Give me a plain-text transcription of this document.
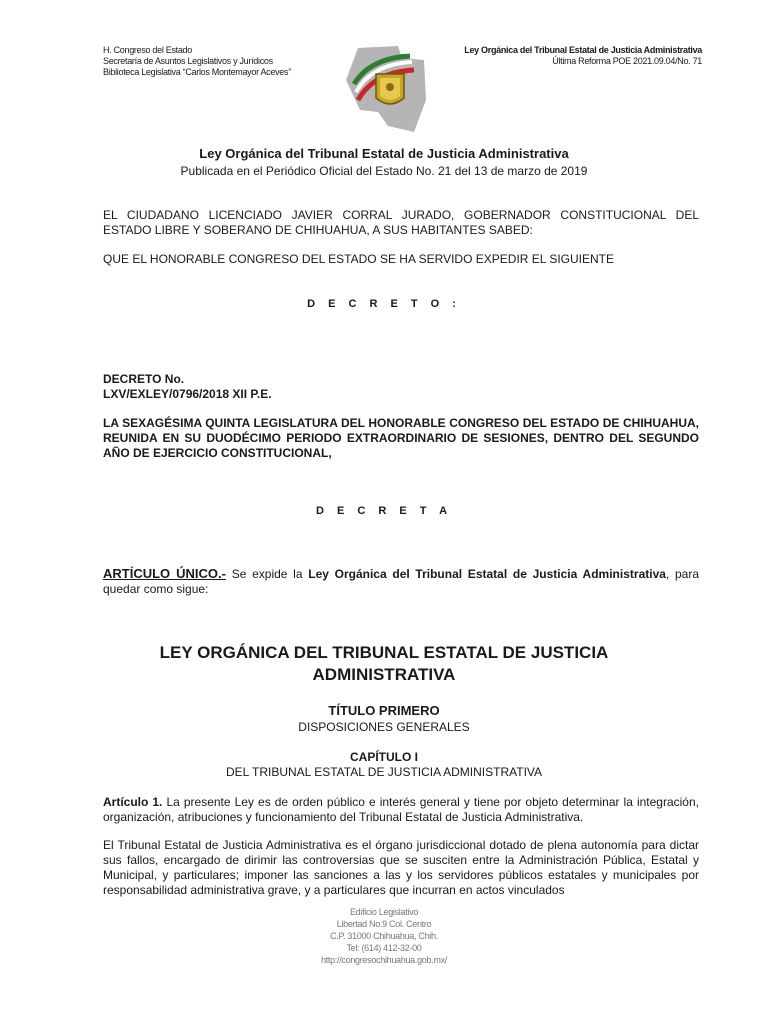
H. Congreso del Estado
Secretaría de Asuntos Legislativos y Jurídicos
Biblioteca Legislativa “Carlos Montemayor Aceves”
Ley Orgánica del Tribunal Estatal de Justicia Administrativa
Última Reforma POE 2021.09.04/No. 71
Ley Orgánica del Tribunal Estatal de Justicia Administrativa
Publicada en el Periódico Oficial del Estado No. 21 del 13 de marzo de 2019
EL CIUDADANO LICENCIADO JAVIER CORRAL JURADO, GOBERNADOR CONSTITUCIONAL DEL ESTADO LIBRE Y SOBERANO DE CHIHUAHUA, A SUS HABITANTES SABED:
QUE EL HONORABLE CONGRESO DEL ESTADO SE HA SERVIDO EXPEDIR EL SIGUIENTE
D E C R E T O :
DECRETO No.
LXV/EXLEY/0796/2018 XII P.E.
LA SEXAGÉSIMA QUINTA LEGISLATURA DEL HONORABLE CONGRESO DEL ESTADO DE CHIHUAHUA, REUNIDA EN SU DUODÉCIMO PERIODO EXTRAORDINARIO DE SESIONES, DENTRO DEL SEGUNDO AÑO DE EJERCICIO CONSTITUCIONAL,
D E C R E T A
ARTÍCULO ÚNICO.- Se expide la Ley Orgánica del Tribunal Estatal de Justicia Administrativa, para quedar como sigue:
LEY ORGÁNICA DEL TRIBUNAL ESTATAL DE JUSTICIA
ADMINISTRATIVA
TÍTULO PRIMERO
DISPOSICIONES GENERALES
CAPÍTULO I
DEL TRIBUNAL ESTATAL DE JUSTICIA ADMINISTRATIVA
Artículo 1. La presente Ley es de orden público e interés general y tiene por objeto determinar la integración, organización, atribuciones y funcionamiento del Tribunal Estatal de Justicia Administrativa.
El Tribunal Estatal de Justicia Administrativa es el órgano jurisdiccional dotado de plena autonomía para dictar sus fallos, encargado de dirimir las controversias que se susciten entre la Administración Pública, Estatal y Municipal, y particulares; imponer las sanciones a las y los servidores públicos estatales y municipales por responsabilidad administrativa grave, y a particulares que incurran en actos vinculados
Edificio Legislativo
Libertad No.9 Col. Centro
C.P. 31000 Chihuahua, Chih.
Tel: (614) 412-32-00
http://congresochihuahua.gob.mx/
